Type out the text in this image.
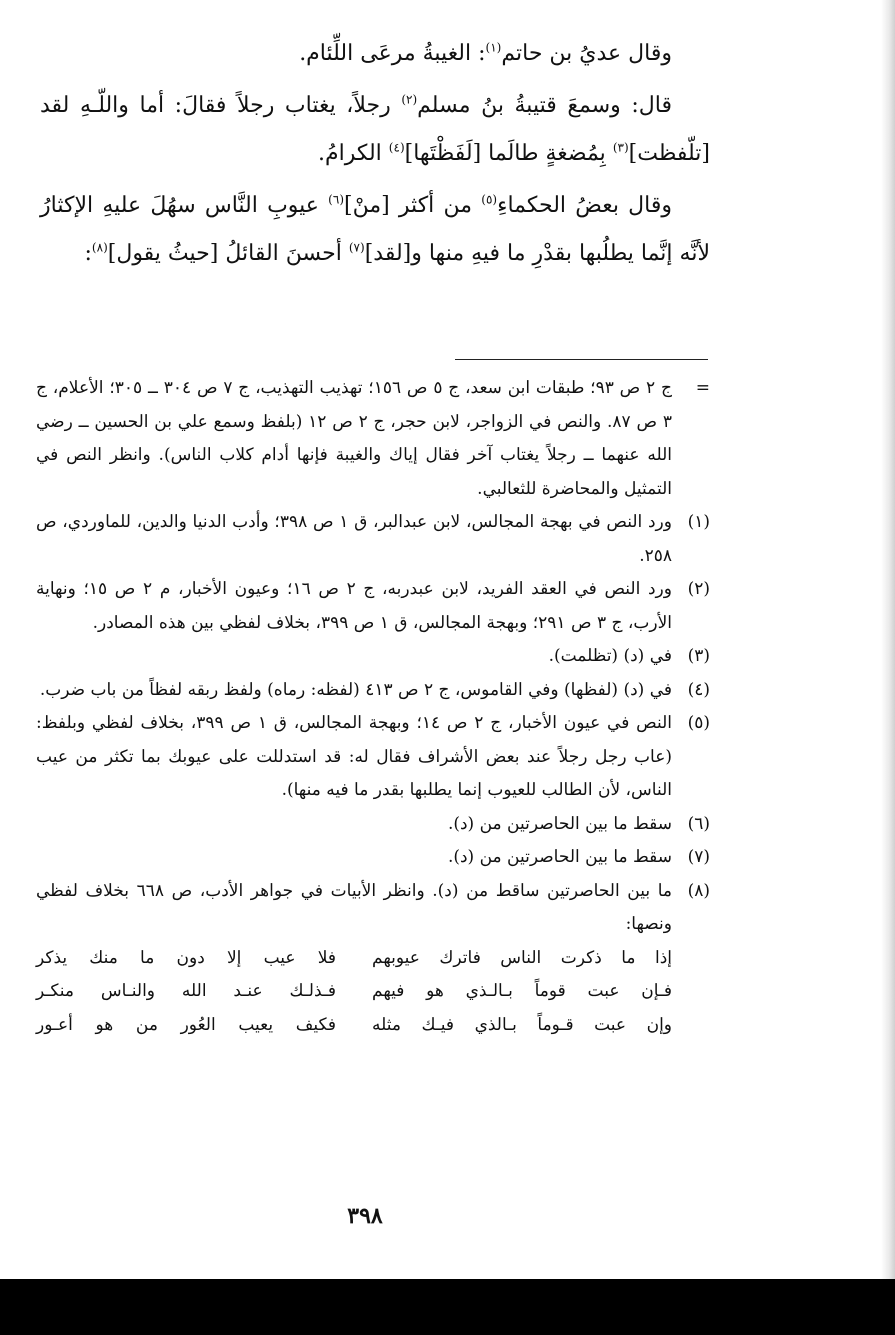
وقال عديُ بن حاتم$^{(١)}$: الغيبةُ مرعَى اللِّئام.

قال: وسمعَ قتيبةُ بنُ مسلم$^{(٢)}$ رجلاً، يغتاب رجلاً فقالَ: أما واللّـهِ لقد [تلّفظت]$^{(٣)}$ بِمُضغةٍ طالَما [لَفَظْتَها]$^{(٤)}$ الكرامُ.

وقال بعضُ الحكماءِ$^{(٥)}$ من أكثر [منْ]$^{(٦)}$ عيوبِ النَّاس سهُلَ عليهِ الإكثارُ لأنَّه إنَّما يطلُبها بقدْرِ ما فيهِ منها و[لقد]$^{(٧)}$ أحسنَ القائلُ [حيثُ يقول]$^{(٨)}$:

=
ج ٢ ص ٩٣؛ طبقات ابن سعد، ج ٥ ص ١٥٦؛ تهذيب التهذيب، ج ٧ ص ٣٠٤ ــ ٣٠٥؛ الأعلام، ج ٣ ص ٨٧. والنص في الزواجر، لابن حجر، ج ٢ ص ١٢ (بلفظ وسمع علي بن الحسين ــ رضي الله عنهما ــ رجلاً يغتاب آخر فقال إياك والغيبة فإنها أدام كلاب الناس). وانظر النص في التمثيل والمحاضرة للثعالبي.
(١)
ورد النص في بهجة المجالس، لابن عبدالبر، ق ١ ص ٣٩٨؛ وأدب الدنيا والدين، للماوردي، ص ٢٥٨.
(٢)
ورد النص في العقد الفريد، لابن عبدربه، ج ٢ ص ١٦؛ وعيون الأخبار، م ٢ ص ١٥؛ ونهاية الأرب، ج ٣ ص ٢٩١؛ وبهجة المجالس، ق ١ ص ٣٩٩، بخلاف لفظي بين هذه المصادر.
(٣)
في (د) (تظلمت).
(٤)
في (د) (لفظها) وفي القاموس، ج ٢ ص ٤١٣ (لفظه: رماه) ولفظ ربقه لفظاً من باب ضرب.
(٥)
النص في عيون الأخبار، ج ٢ ص ١٤؛ وبهجة المجالس، ق ١ ص ٣٩٩، بخلاف لفظي وبلفظ: (عاب رجل رجلاً عند بعض الأشراف فقال له: قد استدللت على عيوبك بما تكثر من عيب الناس، لأن الطالب للعيوب إنما يطلبها بقدر ما فيه منها).
(٦)
سقط ما بين الحاصرتين من (د).
(٧)
سقط ما بين الحاصرتين من (د).
(٨)
ما بين الحاصرتين ساقط من (د). وانظر الأبيات في جواهر الأدب، ص ٦٦٨ بخلاف لفظي ونصها:
إذا ما ذكرت الناس فاترك عيوبهم
فلا عيب إلا دون ما منك يذكر
فـإن عبت قوماً بـالـذي هو فيهم
فـذلـك عنـد الله والنـاس منكـر
وإن عبت قـوماً بـالذي فيـك مثله
فكيف يعيب العُور من هو أعـور
٣٩٨
